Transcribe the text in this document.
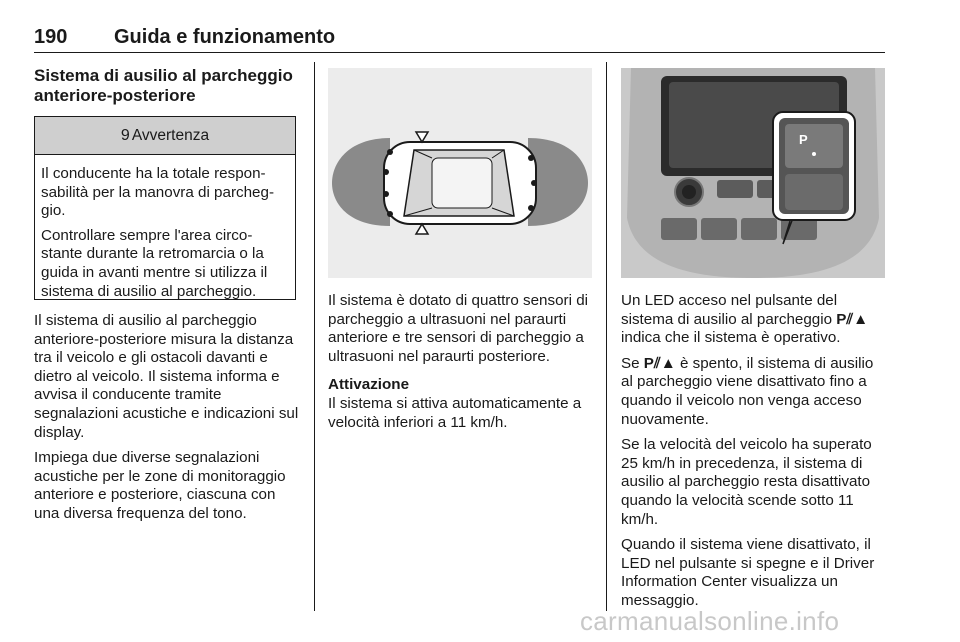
190 Guida e funzionamento
Sistema di ausilio al parcheggio anteriore-posteriore
9 Avvertenza

Il conducente ha la totale respon-sabilità per la manovra di parcheg-gio.

Controllare sempre l'area circo-stante durante la retromarcia o la guida in avanti mentre si utilizza il sistema di ausilio al parcheggio.

Il sistema di ausilio al parcheggio anteriore-posteriore misura la distanza tra il veicolo e gli ostacoli davanti e dietro al veicolo. Il sistema informa e avvisa il conducente tramite segnalazioni acustiche e indicazioni sul display.

Impiega due diverse segnalazioni acustiche per le zone di monitoraggio anteriore e posteriore, ciascuna con una diversa frequenza del tono.

Il sistema è dotato di quattro sensori di parcheggio a ultrasuoni nel paraurti anteriore e tre sensori di parcheggio a ultrasuoni nel paraurti posteriore.

Attivazione

Il sistema si attiva automaticamente a velocità inferiori a 11 km/h.

P

Un LED acceso nel pulsante del sistema di ausilio al parcheggio P⫽▲ indica che il sistema è operativo.

Se P⫽▲ è spento, il sistema di ausilio al parcheggio viene disattivato fino a quando il veicolo non venga acceso nuovamente.

Se la velocità del veicolo ha superato 25 km/h in precedenza, il sistema di ausilio al parcheggio resta disattivato quando la velocità scende sotto 11 km/h.

Quando il sistema viene disattivato, il LED nel pulsante si spegne e il Driver Information Center visualizza un messaggio.

carmanualsonline.info
